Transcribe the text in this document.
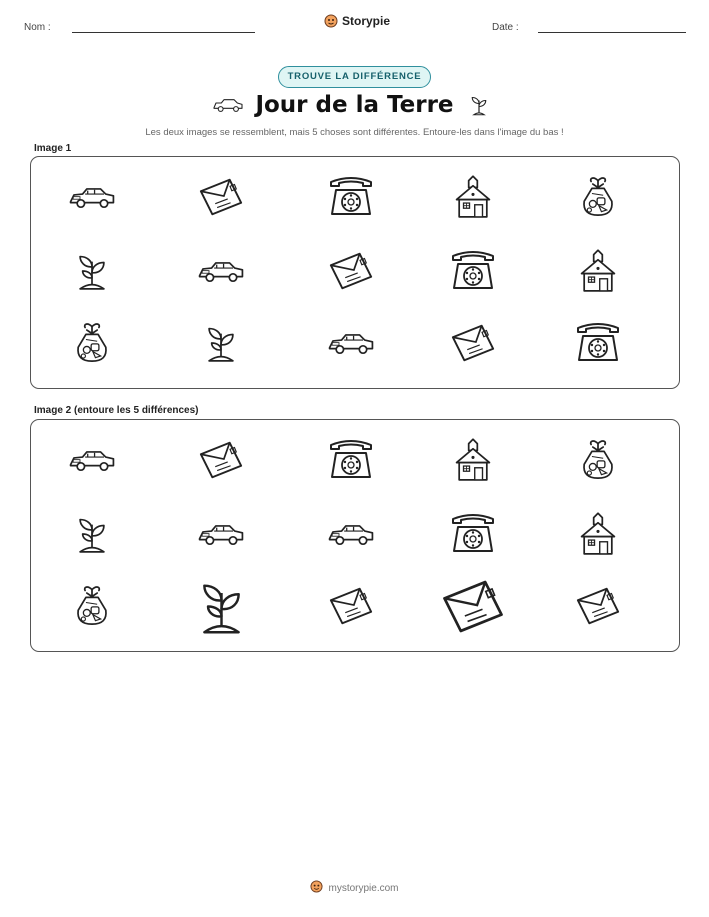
Nom :	Storypie	Date :
TROUVE LA DIFFÉRENCE
Jour de la Terre
Les deux images se ressemblent, mais 5 choses sont différentes. Entoure-les dans l'image du bas !
Image 1
Image 2 (entoure les 5 différences)
mystorypie.com
